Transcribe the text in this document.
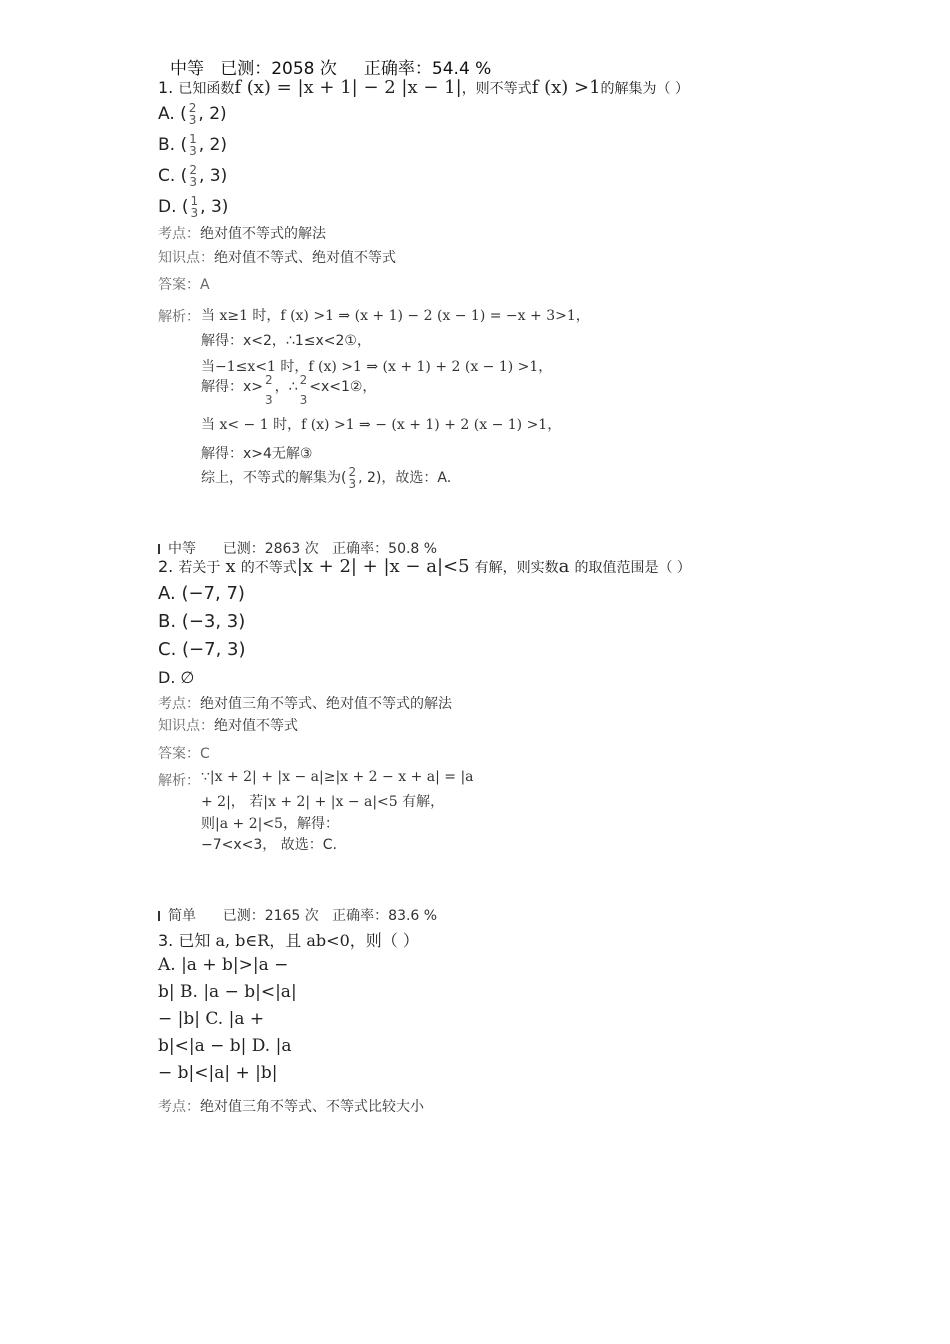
中等 已测：2058 次 正确率：54.4 %
1. 已知函数f (x) = |x + 1| − 2 |x − 1|，则不等式f (x) >1的解集为（ ）
A. ( 2
3 , 2)
B. ( 1
3 , 2)
C. ( 2
3 , 3)
D. ( 1
3 , 3)
考点：绝对值不等式的解法
知识点：绝对值不等式、绝对值不等式
答案：A
解析： 当 x≥1 时，f (x) >1 ⇒ (x + 1) − 2 (x − 1) = −x + 3>1，
解得：x<2，∴1≤x<2①，
当−1≤x<1 时，f (x) >1 ⇒ (x + 1) + 2 (x − 1) >1，
解得：x> 2
3
，∴ 2
3
<x<1②，
当 x< − 1 时，f (x) >1 ⇒ − (x + 1) + 2 (x − 1) >1，
解得：x>4无解③
综上，不等式的解集为( 2
3 , 2)，故选：A.
中等 已测：2863 次 正确率：50.8 %
2. 若关于 x 的不等式|x + 2| + |x − a|<5 有解，则实数a 的取值范围是（ ）
A. (−7, 7)
B. (−3, 3)
C. (−7, 3)
D. ∅
考点：绝对值三角不等式、绝对值不等式的解法
知识点：绝对值不等式
答案：C
解析： ∵|x + 2| + |x − a|≥|x + 2 − x + a| = |a
+ 2|， 若|x + 2| + |x − a|<5 有解，
则|a + 2|<5，解得：
−7<x<3， 故选：C.
简单 已测：2165 次 正确率：83.6 %
3. 已知 a, b∈R，且 ab<0，则（ ）
A. |a + b|>|a −
b| B. |a − b|<|a|
− |b| C. |a +
b|<|a − b| D. |a
− b|<|a| + |b|
考点：绝对值三角不等式、不等式比较大小
